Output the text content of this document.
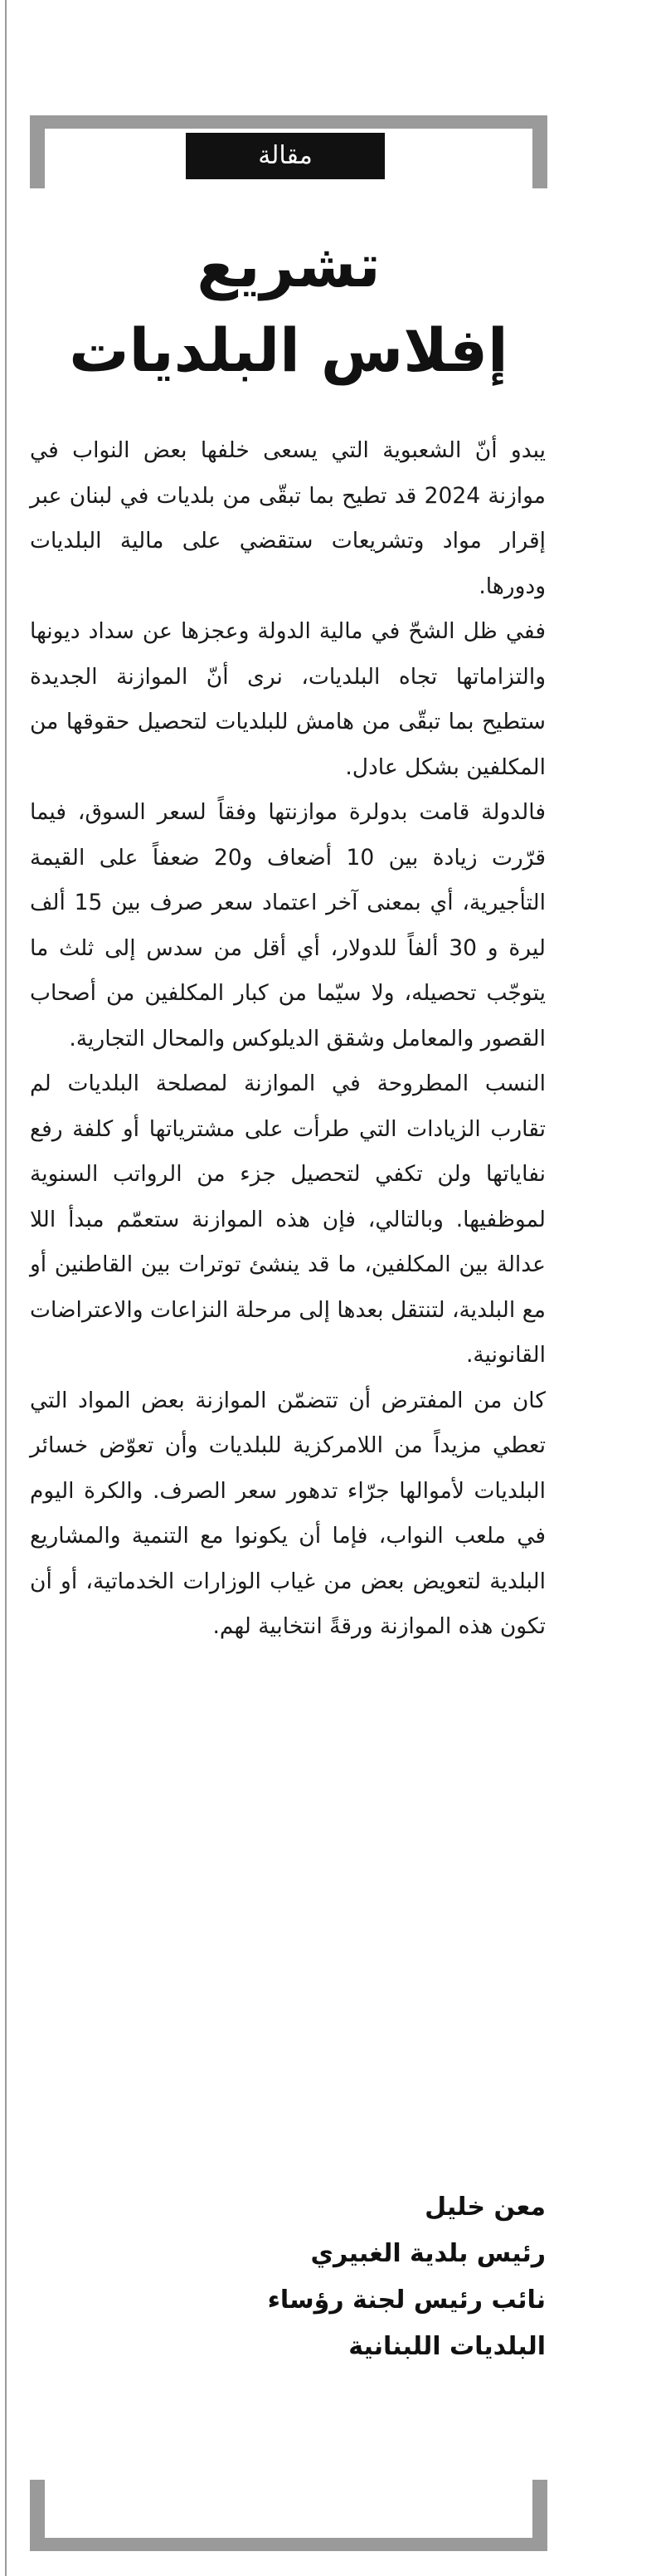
مقالة
تشريع
إفلاس البلديات

يبدو أنّ الشعبوية التي يسعى خلفها بعض النواب في موازنة 2024 قد تطيح بما تبقّى من بلديات في لبنان عبر إقرار مواد وتشريعات ستقضي على مالية البلديات ودورها.

ففي ظل الشحّ في مالية الدولة وعجزها عن سداد ديونها والتزاماتها تجاه البلديات، نرى أنّ الموازنة الجديدة ستطيح بما تبقّى من هامش للبلديات لتحصيل حقوقها من المكلفين بشكل عادل.

فالدولة قامت بدولرة موازنتها وفقاً لسعر السوق، فيما قرّرت زيادة بين 10 أضعاف و20 ضعفاً على القيمة التأجيرية، أي بمعنى آخر اعتماد سعر صرف بين 15 ألف ليرة و 30 ألفاً للدولار، أي أقل من سدس إلى ثلث ما يتوجّب تحصيله، ولا سيّما من كبار المكلفين من أصحاب القصور والمعامل وشقق الديلوكس والمحال التجارية.

النسب المطروحة في الموازنة لمصلحة البلديات لم تقارب الزيادات التي طرأت على مشترياتها أو كلفة رفع نفاياتها ولن تكفي لتحصيل جزء من الرواتب السنوية لموظفيها. وبالتالي، فإن هذه الموازنة ستعمّم مبدأ اللا عدالة بين المكلفين، ما قد ينشئ توترات بين القاطنين أو مع البلدية، لتنتقل بعدها إلى مرحلة النزاعات والاعتراضات القانونية.

كان من المفترض أن تتضمّن الموازنة بعض المواد التي تعطي مزيداً من اللامركزية للبلديات وأن تعوّض خسائر البلديات لأموالها جرّاء تدهور سعر الصرف. والكرة اليوم في ملعب النواب، فإما أن يكونوا مع التنمية والمشاريع البلدية لتعويض بعض من غياب الوزارات الخدماتية، أو أن تكون هذه الموازنة ورقةً انتخابية لهم.

معن خليل
رئيس بلدية الغبيري
نائب رئيس لجنة رؤساء
البلديات اللبنانية
